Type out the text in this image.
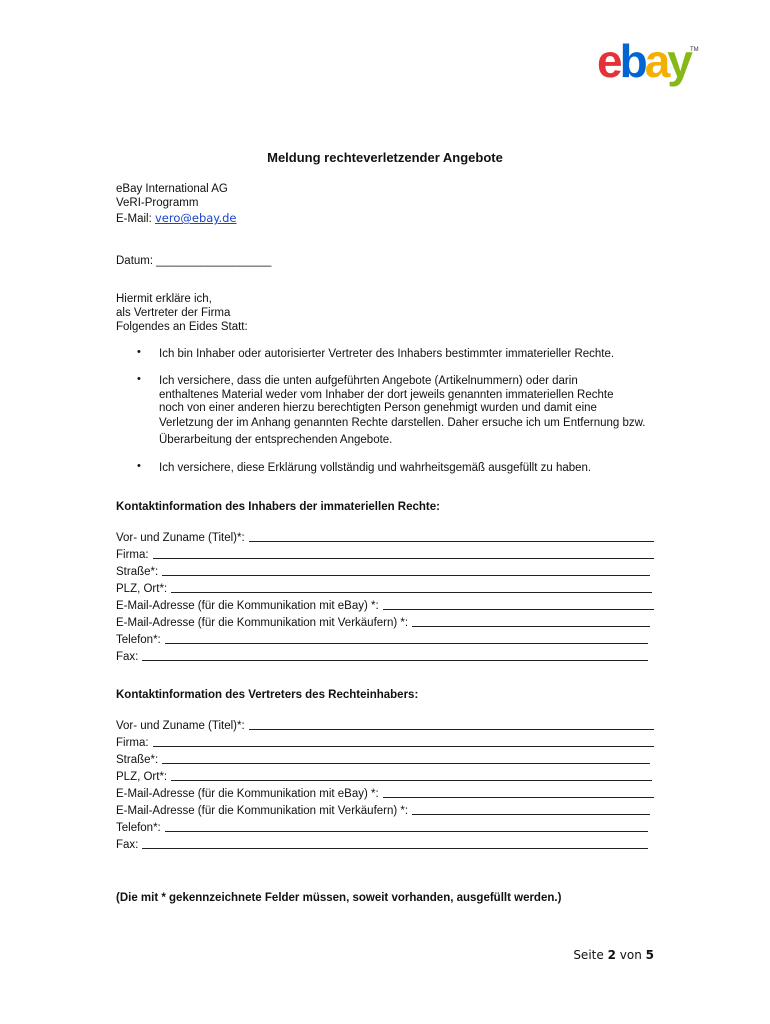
ebay TM
Meldung rechteverletzender Angebote
eBay International AG
VeRI-Programm
E-Mail: vero@ebay.de
Datum: __________________
Hiermit erkläre ich,
als Vertreter der Firma
Folgendes an Eides Statt:
• Ich bin Inhaber oder autorisierter Vertreter des Inhabers bestimmter immaterieller Rechte.
• Ich versichere, dass die unten aufgeführten Angebote (Artikelnummern) oder darin
enthaltenes Material weder vom Inhaber der dort jeweils genannten immateriellen Rechte
noch von einer anderen hierzu berechtigten Person genehmigt wurden und damit eine
Verletzung der im Anhang genannten Rechte darstellen. Daher ersuche ich um Entfernung bzw.
Überarbeitung der entsprechenden Angebote.
• Ich versichere, diese Erklärung vollständig und wahrheitsgemäß ausgefüllt zu haben.
Kontaktinformation des Inhabers der immateriellen Rechte:
Vor- und Zuname (Titel)*:
Firma:
Straße*:
PLZ, Ort*:
E-Mail-Adresse (für die Kommunikation mit eBay) *:
E-Mail-Adresse (für die Kommunikation mit Verkäufern) *:
Telefon*:
Fax:
Kontaktinformation des Vertreters des Rechteinhabers:
Vor- und Zuname (Titel)*:
Firma:
Straße*:
PLZ, Ort*:
E-Mail-Adresse (für die Kommunikation mit eBay) *:
E-Mail-Adresse (für die Kommunikation mit Verkäufern) *:
Telefon*:
Fax:
(Die mit * gekennzeichnete Felder müssen, soweit vorhanden, ausgefüllt werden.)
Seite 2 von 5
